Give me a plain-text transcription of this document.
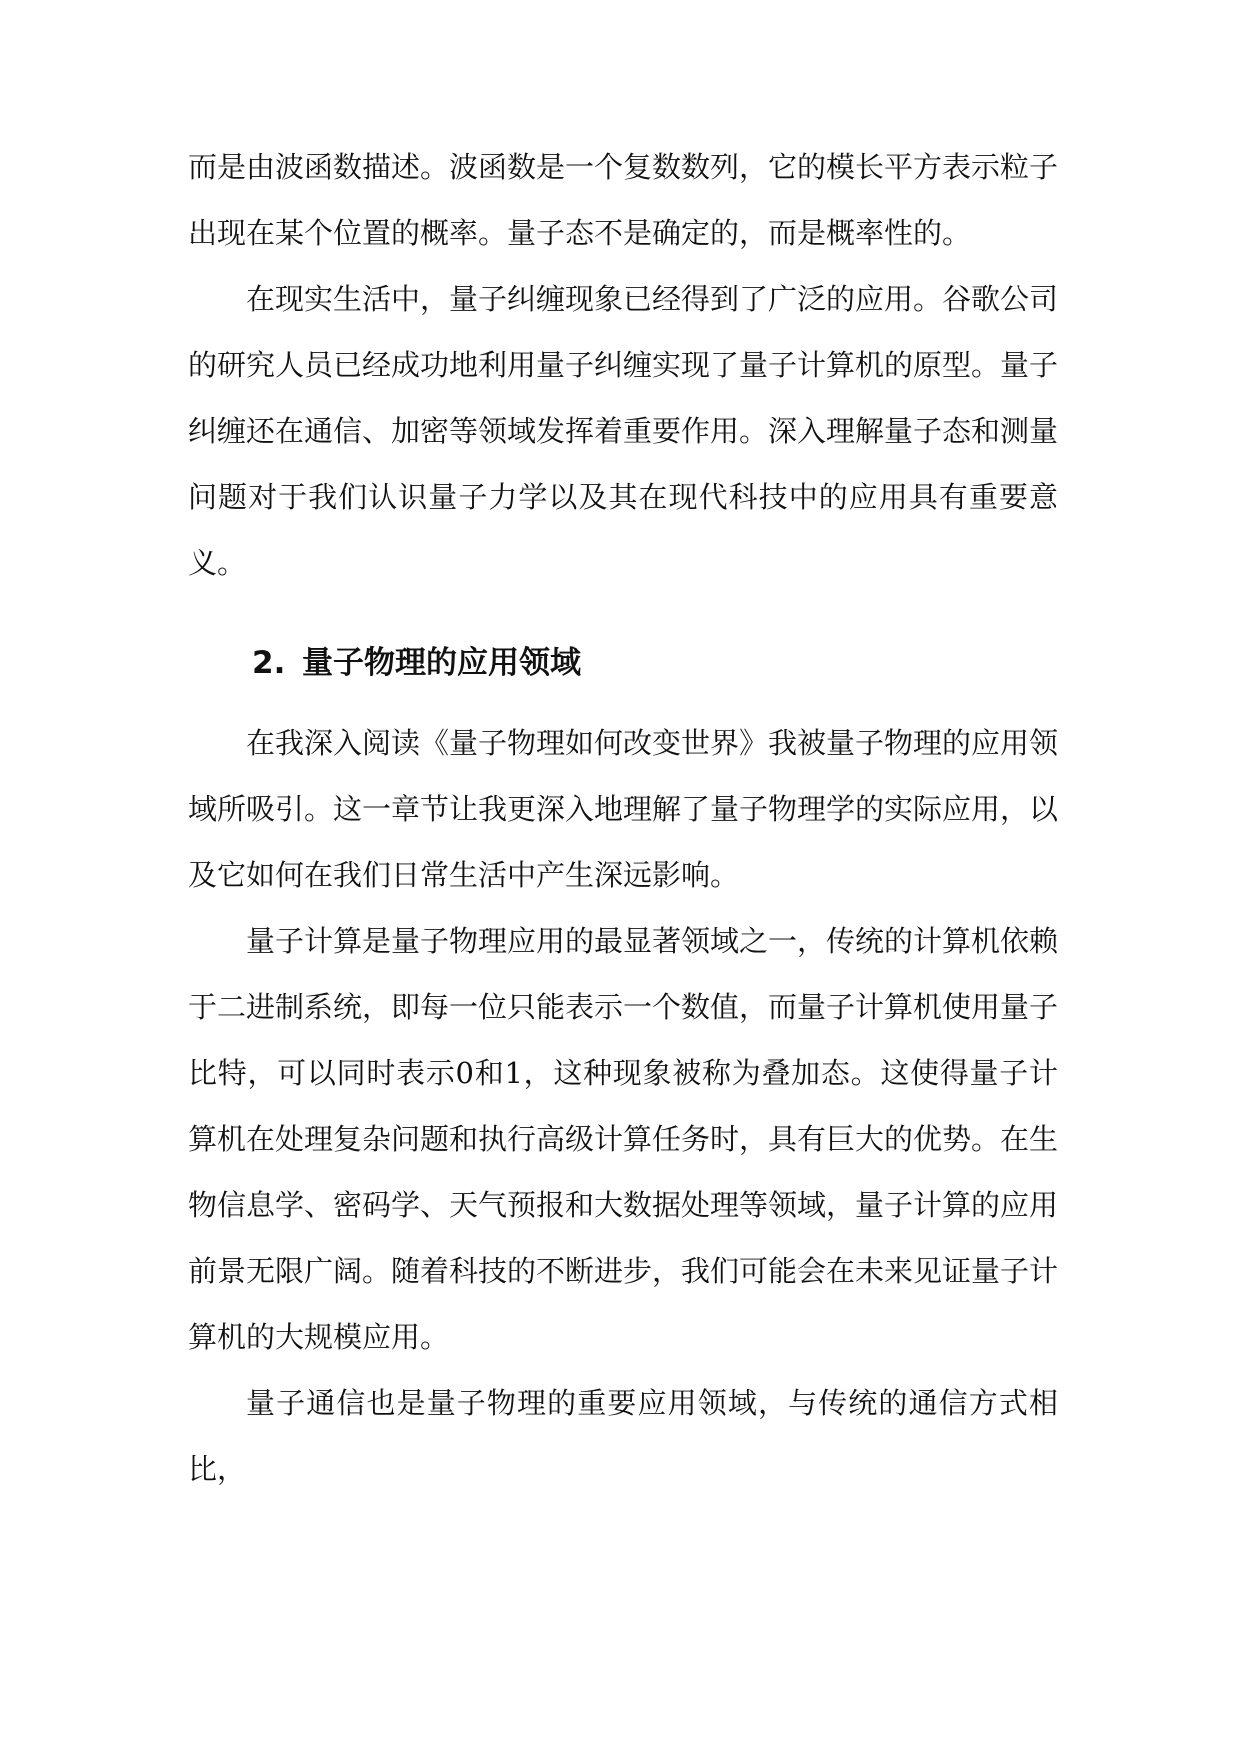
而是由波函数描述。波函数是一个复数数列，它的模长平方表示粒子出现在某个位置的概率。量子态不是确定的，而是概率性的。

在现实生活中，量子纠缠现象已经得到了广泛的应用。谷歌公司的研究人员已经成功地利用量子纠缠实现了量子计算机的原型。量子纠缠还在通信、加密等领域发挥着重要作用。深入理解量子态和测量问题对于我们认识量子力学以及其在现代科技中的应用具有重要意义。

2. 量子物理的应用领域

在我深入阅读《量子物理如何改变世界》我被量子物理的应用领域所吸引。这一章节让我更深入地理解了量子物理学的实际应用，以及它如何在我们日常生活中产生深远影响。

量子计算是量子物理应用的最显著领域之一，传统的计算机依赖于二进制系统，即每一位只能表示一个数值，而量子计算机使用量子比特，可以同时表示0和1，这种现象被称为叠加态。这使得量子计算机在处理复杂问题和执行高级计算任务时，具有巨大的优势。在生物信息学、密码学、天气预报和大数据处理等领域，量子计算的应用前景无限广阔。随着科技的不断进步，我们可能会在未来见证量子计算机的大规模应用。

量子通信也是量子物理的重要应用领域，与传统的通信方式相比，
